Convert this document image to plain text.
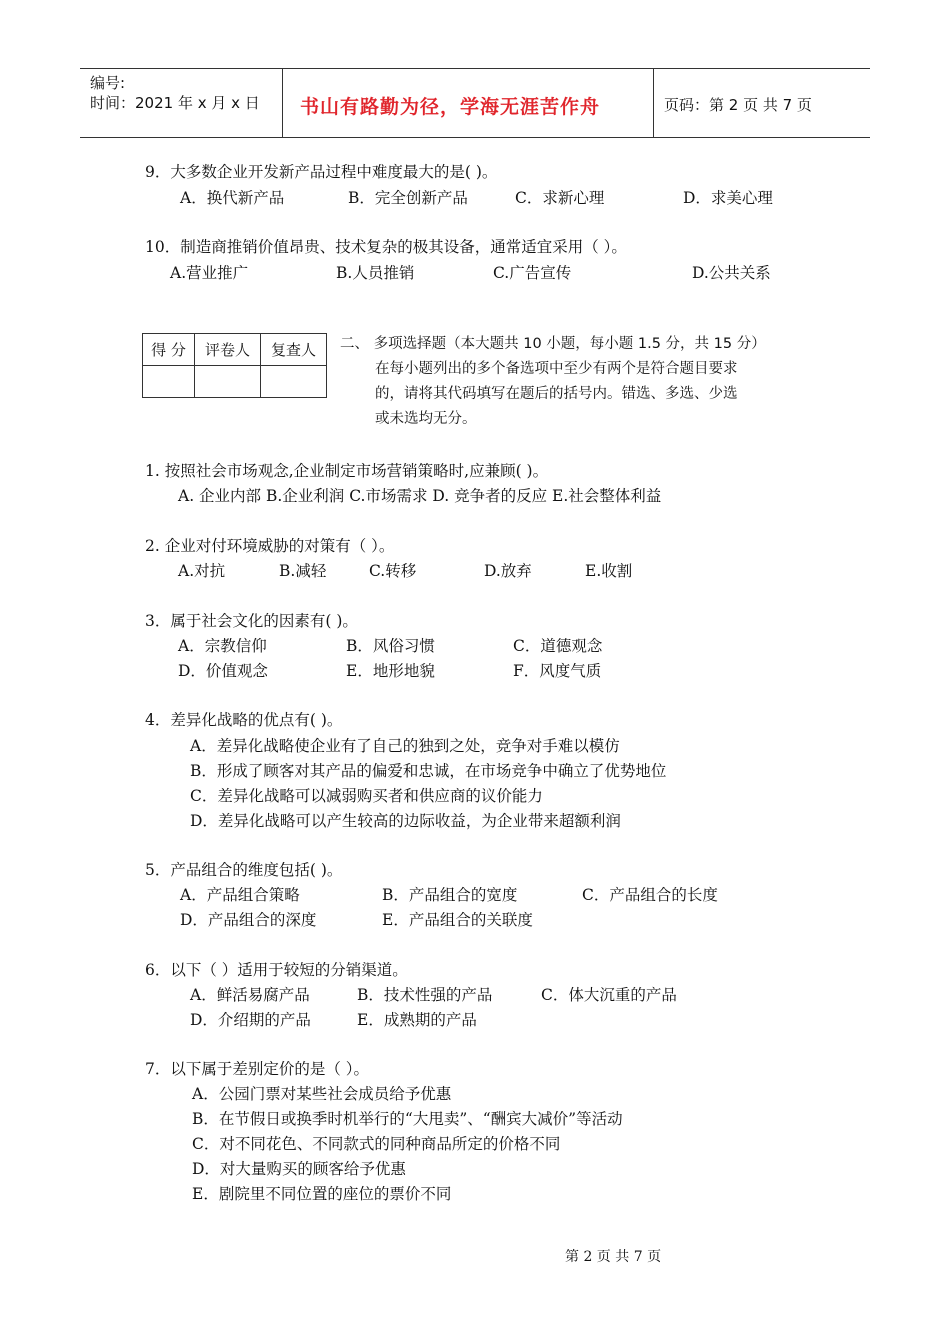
编号:
时间：2021 年 x 月 x 日 书山有路勤为径，学海无涯苦作舟	页码：第 2 页 共 7 页
9．大多数企业开发新产品过程中难度最大的是( )。
A．换代新产品	B．完全创新产品	C．求新心理	D．求美心理
10．制造商推销价值昂贵、技术复杂的极其设备，通常适宜采用（ ）。
A.营业推广	B.人员推销	C.广告宣传	D.公共关系
得 分	评卷人	复查人
		二、 多项选择题（本大题共 10 小题，每小题 1.5 分，共 15 分）
在每小题列出的多个备选项中至少有两个是符合题目要求
的，请将其代码填写在题后的括号内。错选、多选、少选
或未选均无分。
1. 按照社会市场观念,企业制定市场营销策略时,应兼顾( )。
A. 企业内部 B.企业利润 C.市场需求 D. 竞争者的反应 E.社会整体利益
2. 企业对付环境威胁的对策有（ ）。
A.对抗	B.减轻	C.转移	D.放弃	E.收割
3．属于社会文化的因素有( )。
A．宗教信仰	B．风俗习惯	C．道德观念
D．价值观念	E．地形地貌	F．风度气质
4．差异化战略的优点有( )。
A．差异化战略使企业有了自己的独到之处，竞争对手难以模仿
B．形成了顾客对其产品的偏爱和忠诚，在市场竞争中确立了优势地位
C．差异化战略可以减弱购买者和供应商的议价能力
D．差异化战略可以产生较高的边际收益，为企业带来超额利润
5．产品组合的维度包括( )。
A．产品组合策略	B．产品组合的宽度	C．产品组合的长度
D．产品组合的深度	E．产品组合的关联度
6．以下（ ）适用于较短的分销渠道。
A．鲜活易腐产品	B．技术性强的产品	C．体大沉重的产品
D．介绍期的产品	E．成熟期的产品
7．以下属于差别定价的是（ ）。
A．公园门票对某些社会成员给予优惠
B．在节假日或换季时机举行的“大甩卖”、“酬宾大减价”等活动
C．对不同花色、不同款式的同种商品所定的价格不同
D．对大量购买的顾客给予优惠
E．剧院里不同位置的座位的票价不同
第 2 页 共 7 页
